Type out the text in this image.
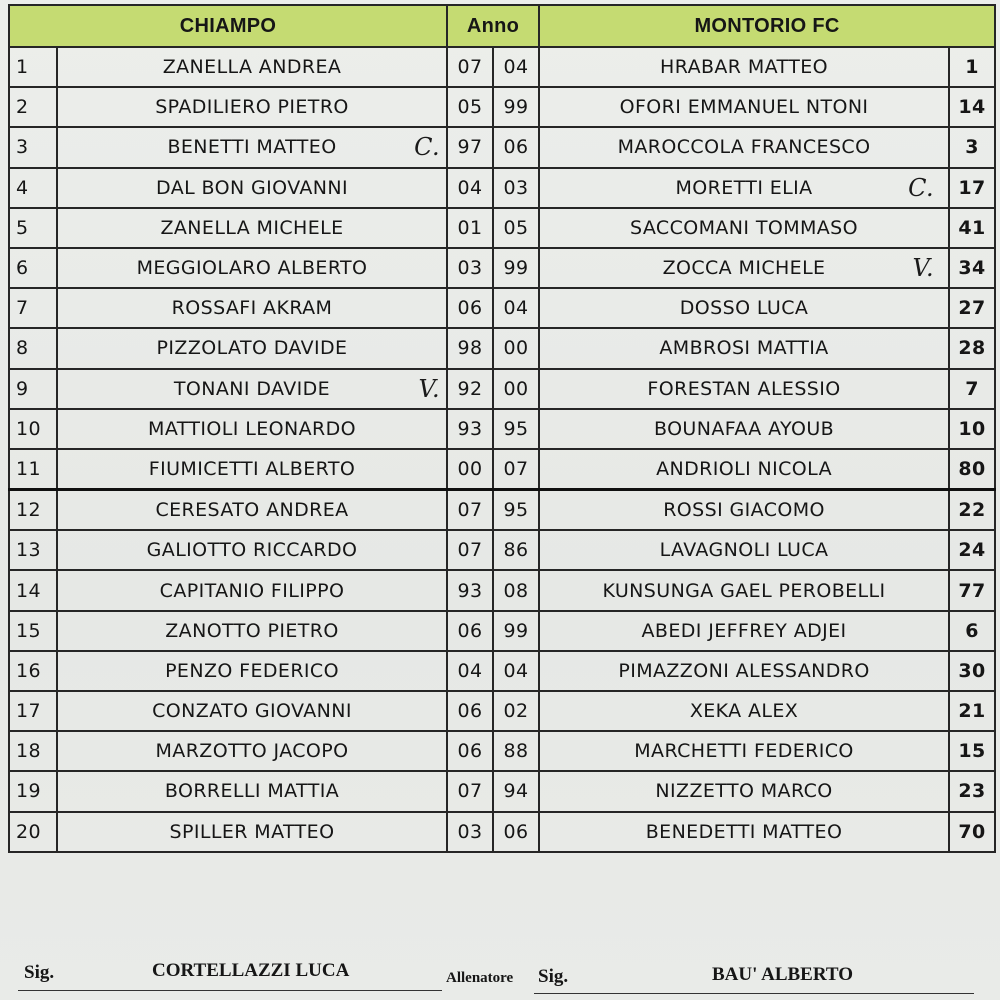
CHIAMPO		Anno		MONTORIO FC	
1	ZANELLA ANDREA	07	04	HRABAR MATTEO	1
2	SPADILIERO PIETRO	05	99	OFORI EMMANUEL NTONI	14
3	BENETTI MATTEO C.	97	06	MAROCCOLA FRANCESCO	3
4	DAL BON GIOVANNI	04	03	MORETTI ELIA C.	17
5	ZANELLA MICHELE	01	05	SACCOMANI TOMMASO	41
6	MEGGIOLARO ALBERTO	03	99	ZOCCA MICHELE V.	34
7	ROSSAFI AKRAM	06	04	DOSSO LUCA	27
8	PIZZOLATO DAVIDE	98	00	AMBROSI MATTIA	28
9	TONANI DAVIDE V.	92	00	FORESTAN ALESSIO	7
10	MATTIOLI LEONARDO	93	95	BOUNAFAA AYOUB	10
11	FIUMICETTI ALBERTO	00	07	ANDRIOLI NICOLA	80
12	CERESATO ANDREA	07	95	ROSSI GIACOMO	22
13	GALIOTTO RICCARDO	07	86	LAVAGNOLI LUCA	24
14	CAPITANIO FILIPPO	93	08	KUNSUNGA GAEL PEROBELLI	77
15	ZANOTTO PIETRO	06	99	ABEDI JEFFREY ADJEI	6
16	PENZO FEDERICO	04	04	PIMAZZONI ALESSANDRO	30
17	CONZATO GIOVANNI	06	02	XEKA ALEX	21
18	MARZOTTO JACOPO	06	88	MARCHETTI FEDERICO	15
19	BORRELLI MATTIA	07	94	NIZZETTO MARCO	23
20	SPILLER MATTEO	03	06	BENEDETTI MATTEO	70
Sig.	CORTELLAZZI LUCA	Allenatore	Sig.	BAU' ALBERTO
